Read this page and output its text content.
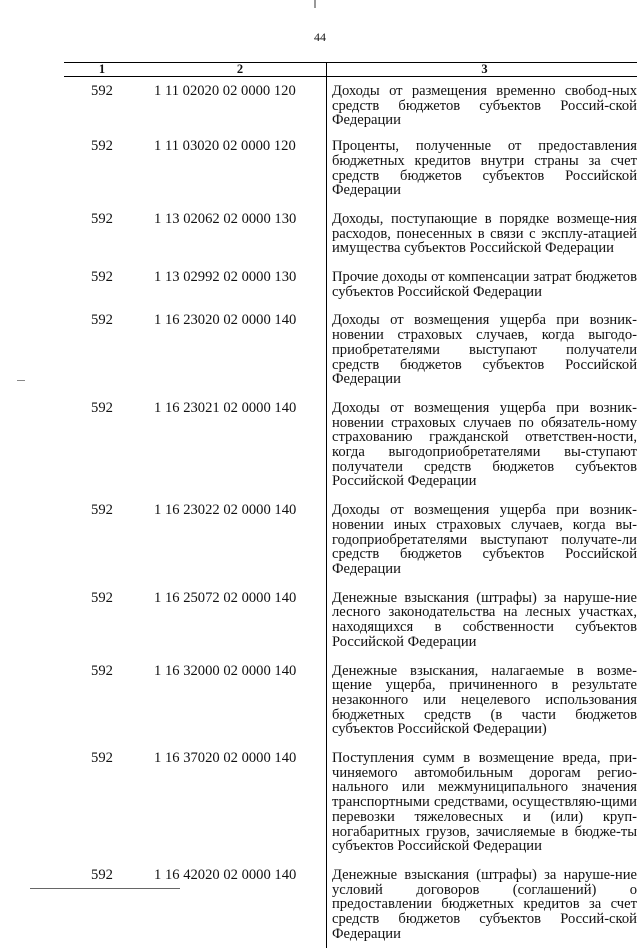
44
1	2	3
592	1 11 02020 02 0000 120	Доходы от размещения временно свобод-ных средств бюджетов субъектов Россий-ской Федерации
592	1 11 03020 02 0000 120	Проценты, полученные от предоставления бюджетных кредитов внутри страны за счет средств бюджетов субъектов Российской Федерации
592	1 13 02062 02 0000 130	Доходы, поступающие в порядке возмеще-ния расходов, понесенных в связи с эксплу-атацией имущества субъектов Российской Федерации
592	1 13 02992 02 0000 130	Прочие доходы от компенсации затрат бюджетов субъектов Российской Федерации
592	1 16 23020 02 0000 140	Доходы от возмещения ущерба при возник-новении страховых случаев, когда выгодо-приобретателями выступают получатели средств бюджетов субъектов Российской Федерации
592	1 16 23021 02 0000 140	Доходы от возмещения ущерба при возник-новении страховых случаев по обязатель-ному страхованию гражданской ответствен-ности, когда выгодоприобретателями вы-ступают получатели средств бюджетов субъектов Российской Федерации
592	1 16 23022 02 0000 140	Доходы от возмещения ущерба при возник-новении иных страховых случаев, когда вы-годоприобретателями выступают получате-ли средств бюджетов субъектов Российской Федерации
592	1 16 25072 02 0000 140	Денежные взыскания (штрафы) за наруше-ние лесного законодательства на лесных участках, находящихся в собственности субъектов Российской Федерации
592	1 16 32000 02 0000 140	Денежные взыскания, налагаемые в возме-щение ущерба, причиненного в результате незаконного или нецелевого использования бюджетных средств (в части бюджетов субъектов Российской Федерации)
592	1 16 37020 02 0000 140	Поступления сумм в возмещение вреда, при-чиняемого автомобильным дорогам регио-нального или межмуниципального значения транспортными средствами, осуществляю-щими перевозки тяжеловесных и (или) круп-ногабаритных грузов, зачисляемые в бюдже-ты субъектов Российской Федерации
592	1 16 42020 02 0000 140	Денежные взыскания (штрафы) за наруше-ние условий договоров (соглашений) о предоставлении бюджетных кредитов за счет средств бюджетов субъектов Россий-ской Федерации
